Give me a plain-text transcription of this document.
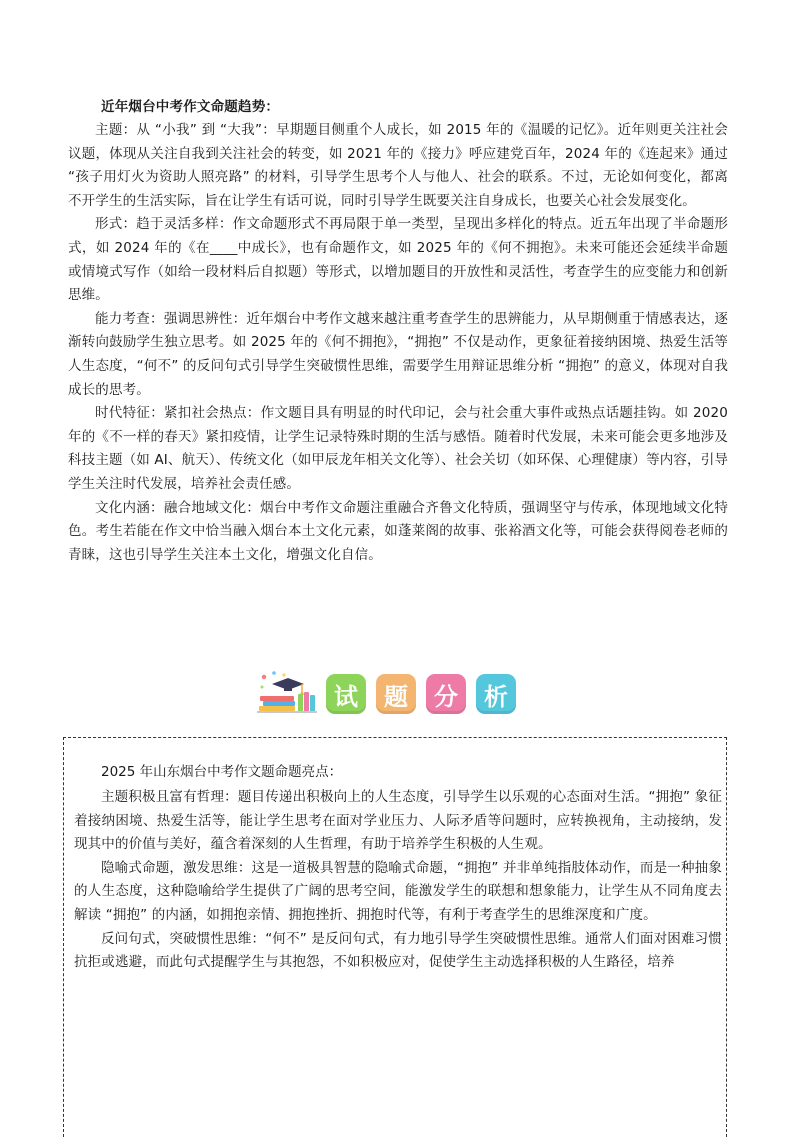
近年烟台中考作文命题趋势：

主题：从 “小我” 到 “大我”：早期题目侧重个人成长，如 2015 年的《温暖的记忆》。近年则更关注社会议题，体现从关注自我到关注社会的转变，如 2021 年的《接力》呼应建党百年，2024 年的《连起来》通过 “孩子用灯火为资助人照亮路” 的材料，引导学生思考个人与他人、社会的联系。不过，无论如何变化，都离不开学生的生活实际，旨在让学生有话可说，同时引导学生既要关注自身成长，也要关心社会发展变化。

形式：趋于灵活多样：作文命题形式不再局限于单一类型，呈现出多样化的特点。近五年出现了半命题形式，如 2024 年的《在____中成长》，也有命题作文，如 2025 年的《何不拥抱》。未来可能还会延续半命题或情境式写作（如给一段材料后自拟题）等形式，以增加题目的开放性和灵活性，考查学生的应变能力和创新思维。

能力考查：强调思辨性：近年烟台中考作文越来越注重考查学生的思辨能力，从早期侧重于情感表达，逐渐转向鼓励学生独立思考。如 2025 年的《何不拥抱》，“拥抱” 不仅是动作，更象征着接纳困境、热爱生活等人生态度，“何不” 的反问句式引导学生突破惯性思维，需要学生用辩证思维分析 “拥抱” 的意义，体现对自我成长的思考。

时代特征：紧扣社会热点：作文题目具有明显的时代印记，会与社会重大事件或热点话题挂钩。如 2020 年的《不一样的春天》紧扣疫情，让学生记录特殊时期的生活与感悟。随着时代发展，未来可能会更多地涉及科技主题（如 AI、航天）、传统文化（如甲辰龙年相关文化等）、社会关切（如环保、心理健康）等内容，引导学生关注时代发展，培养社会责任感。

文化内涵：融合地域文化：烟台中考作文命题注重融合齐鲁文化特质，强调坚守与传承，体现地域文化特色。考生若能在作文中恰当融入烟台本土文化元素，如蓬莱阁的故事、张裕酒文化等，可能会获得阅卷老师的青睐，这也引导学生关注本土文化，增强文化自信。

试	题	分	析
2025 年山东烟台中考作文题命题亮点：

主题积极且富有哲理：题目传递出积极向上的人生态度，引导学生以乐观的心态面对生活。“拥抱” 象征着接纳困境、热爱生活等，能让学生思考在面对学业压力、人际矛盾等问题时，应转换视角，主动接纳，发现其中的价值与美好，蕴含着深刻的人生哲理，有助于培养学生积极的人生观。

隐喻式命题，激发思维：这是一道极具智慧的隐喻式命题，“拥抱” 并非单纯指肢体动作，而是一种抽象的人生态度，这种隐喻给学生提供了广阔的思考空间，能激发学生的联想和想象能力，让学生从不同角度去解读 “拥抱” 的内涵，如拥抱亲情、拥抱挫折、拥抱时代等，有利于考查学生的思维深度和广度。

反问句式，突破惯性思维：“何不” 是反问句式，有力地引导学生突破惯性思维。通常人们面对困难习惯抗拒或逃避，而此句式提醒学生与其抱怨，不如积极应对，促使学生主动选择积极的人生路径，培养
